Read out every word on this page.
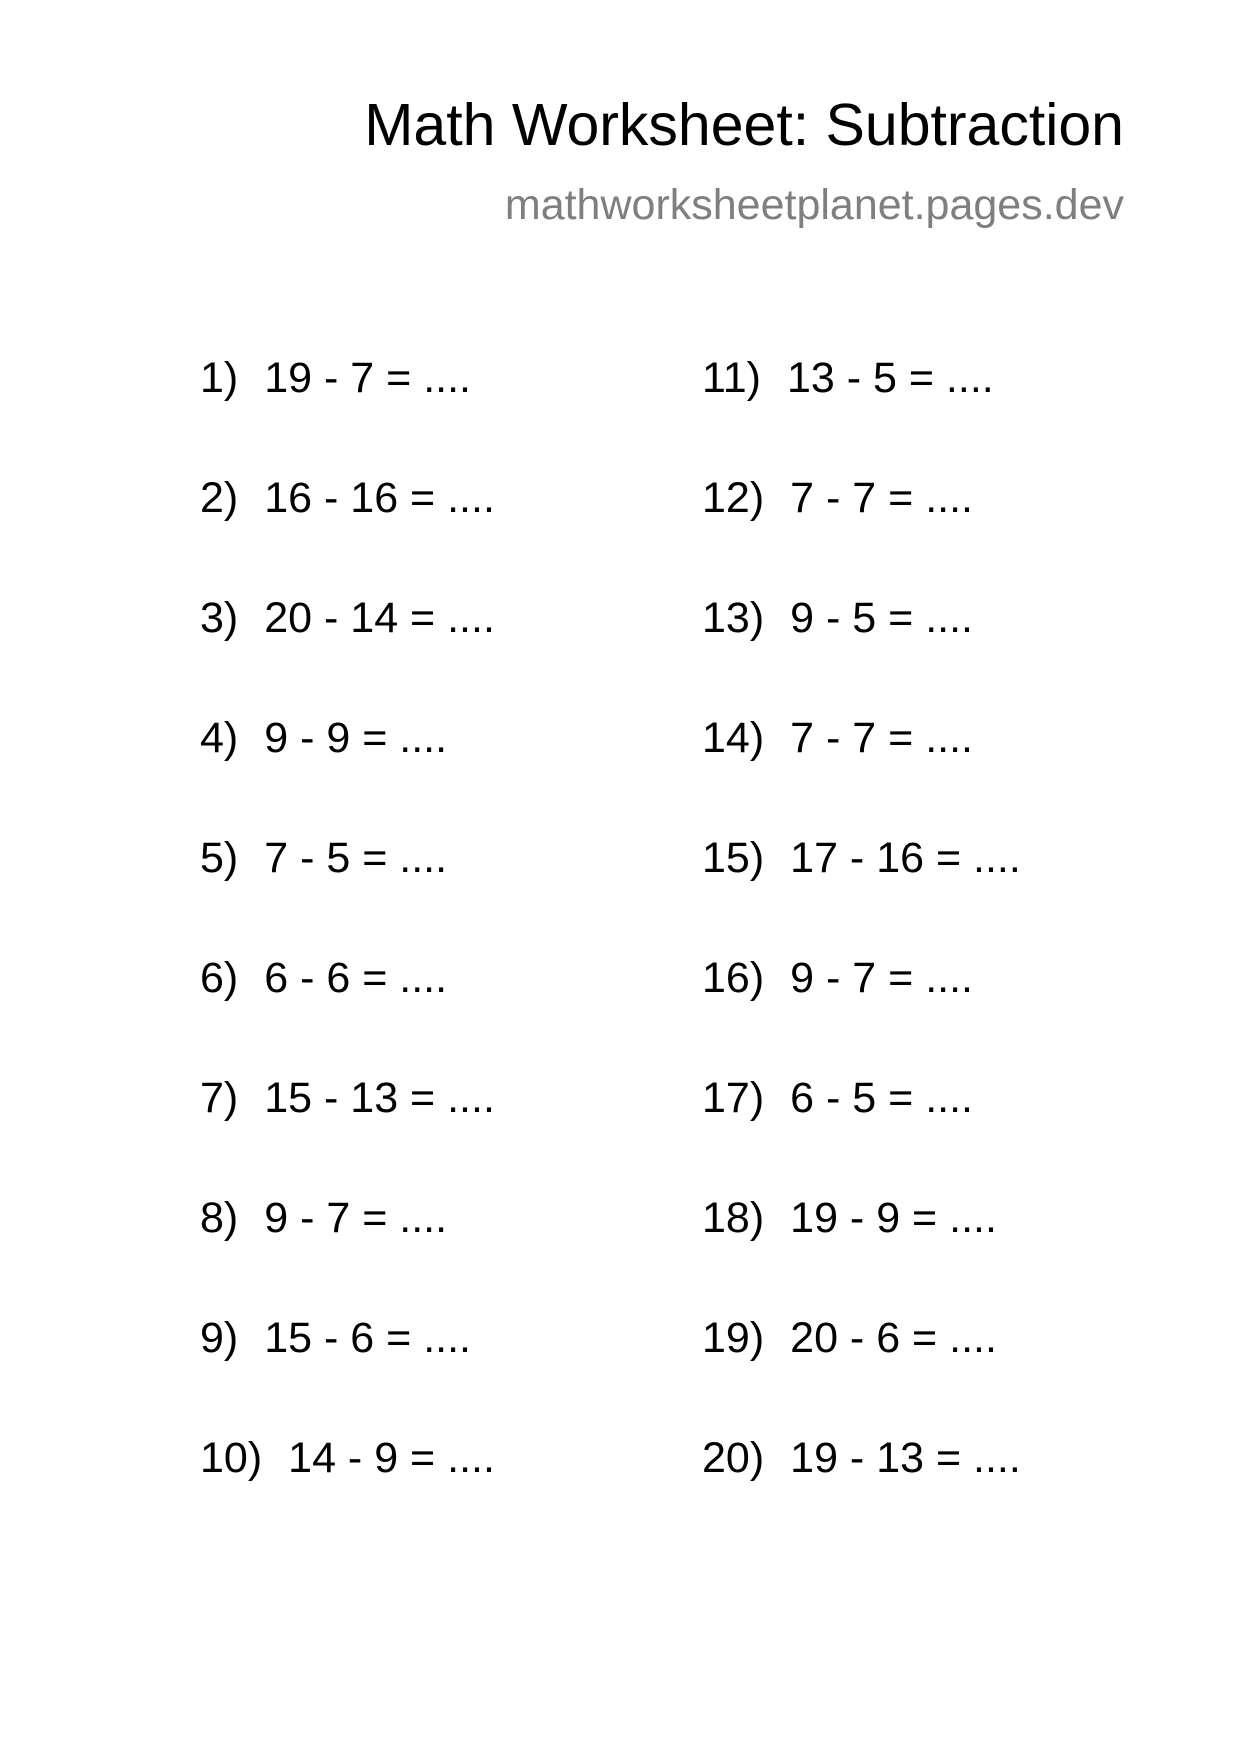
Math Worksheet: Subtraction
mathworksheetplanet.pages.dev
1) 19 - 7 = ....
2) 16 - 16 = ....
3) 20 - 14 = ....
4) 9 - 9 = ....
5) 7 - 5 = ....
6) 6 - 6 = ....
7) 15 - 13 = ....
8) 9 - 7 = ....
9) 15 - 6 = ....
10) 14 - 9 = ....
11) 13 - 5 = ....
12) 7 - 7 = ....
13) 9 - 5 = ....
14) 7 - 7 = ....
15) 17 - 16 = ....
16) 9 - 7 = ....
17) 6 - 5 = ....
18) 19 - 9 = ....
19) 20 - 6 = ....
20) 19 - 13 = ....
